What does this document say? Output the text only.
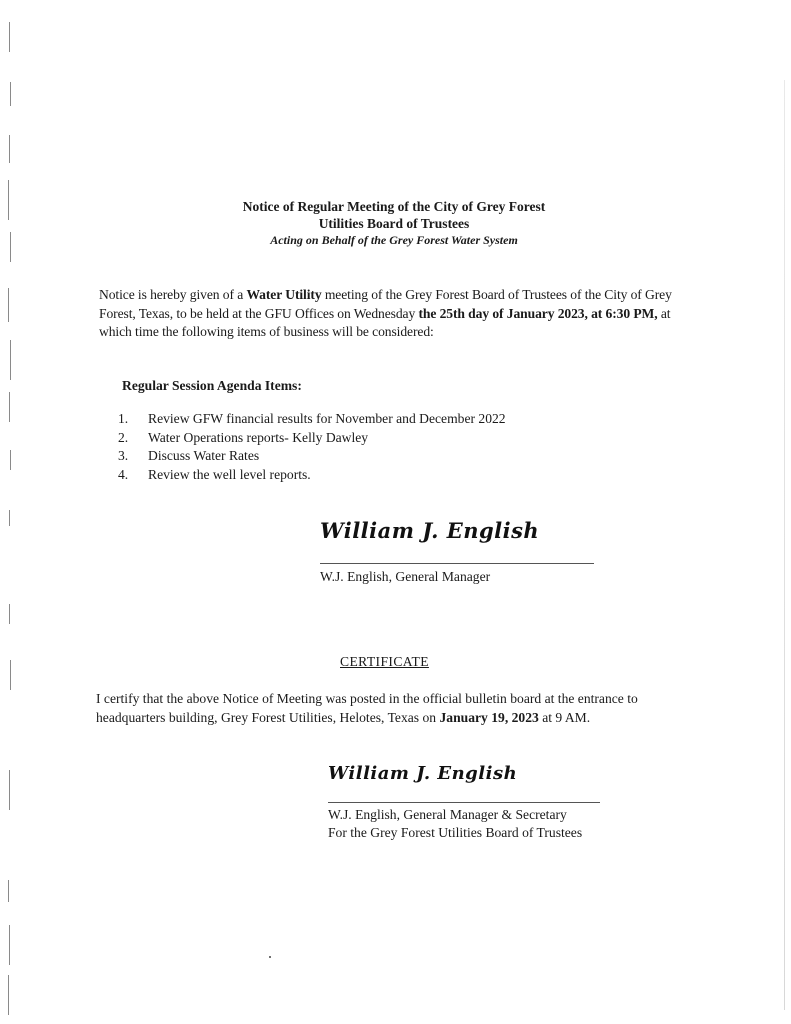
Notice of Regular Meeting of the City of Grey Forest
Utilities Board of Trustees
Acting on Behalf of the Grey Forest Water System
Notice is hereby given of a Water Utility meeting of the Grey Forest Board of Trustees of the City of Grey Forest, Texas, to be held at the GFU Offices on Wednesday the 25th day of January 2023, at 6:30 PM, at which time the following items of business will be considered:
Regular Session Agenda Items:
1.	Review GFW financial results for November and December 2022
2.	Water Operations reports- Kelly Dawley
3.	Discuss Water Rates
4.	Review the well level reports.
William J. English
W.J. English, General Manager
CERTIFICATE
I certify that the above Notice of Meeting was posted in the official bulletin board at the entrance to headquarters building, Grey Forest Utilities, Helotes, Texas on January 19, 2023 at 9 AM.
William J. English
W.J. English, General Manager & Secretary
For the Grey Forest Utilities Board of Trustees
